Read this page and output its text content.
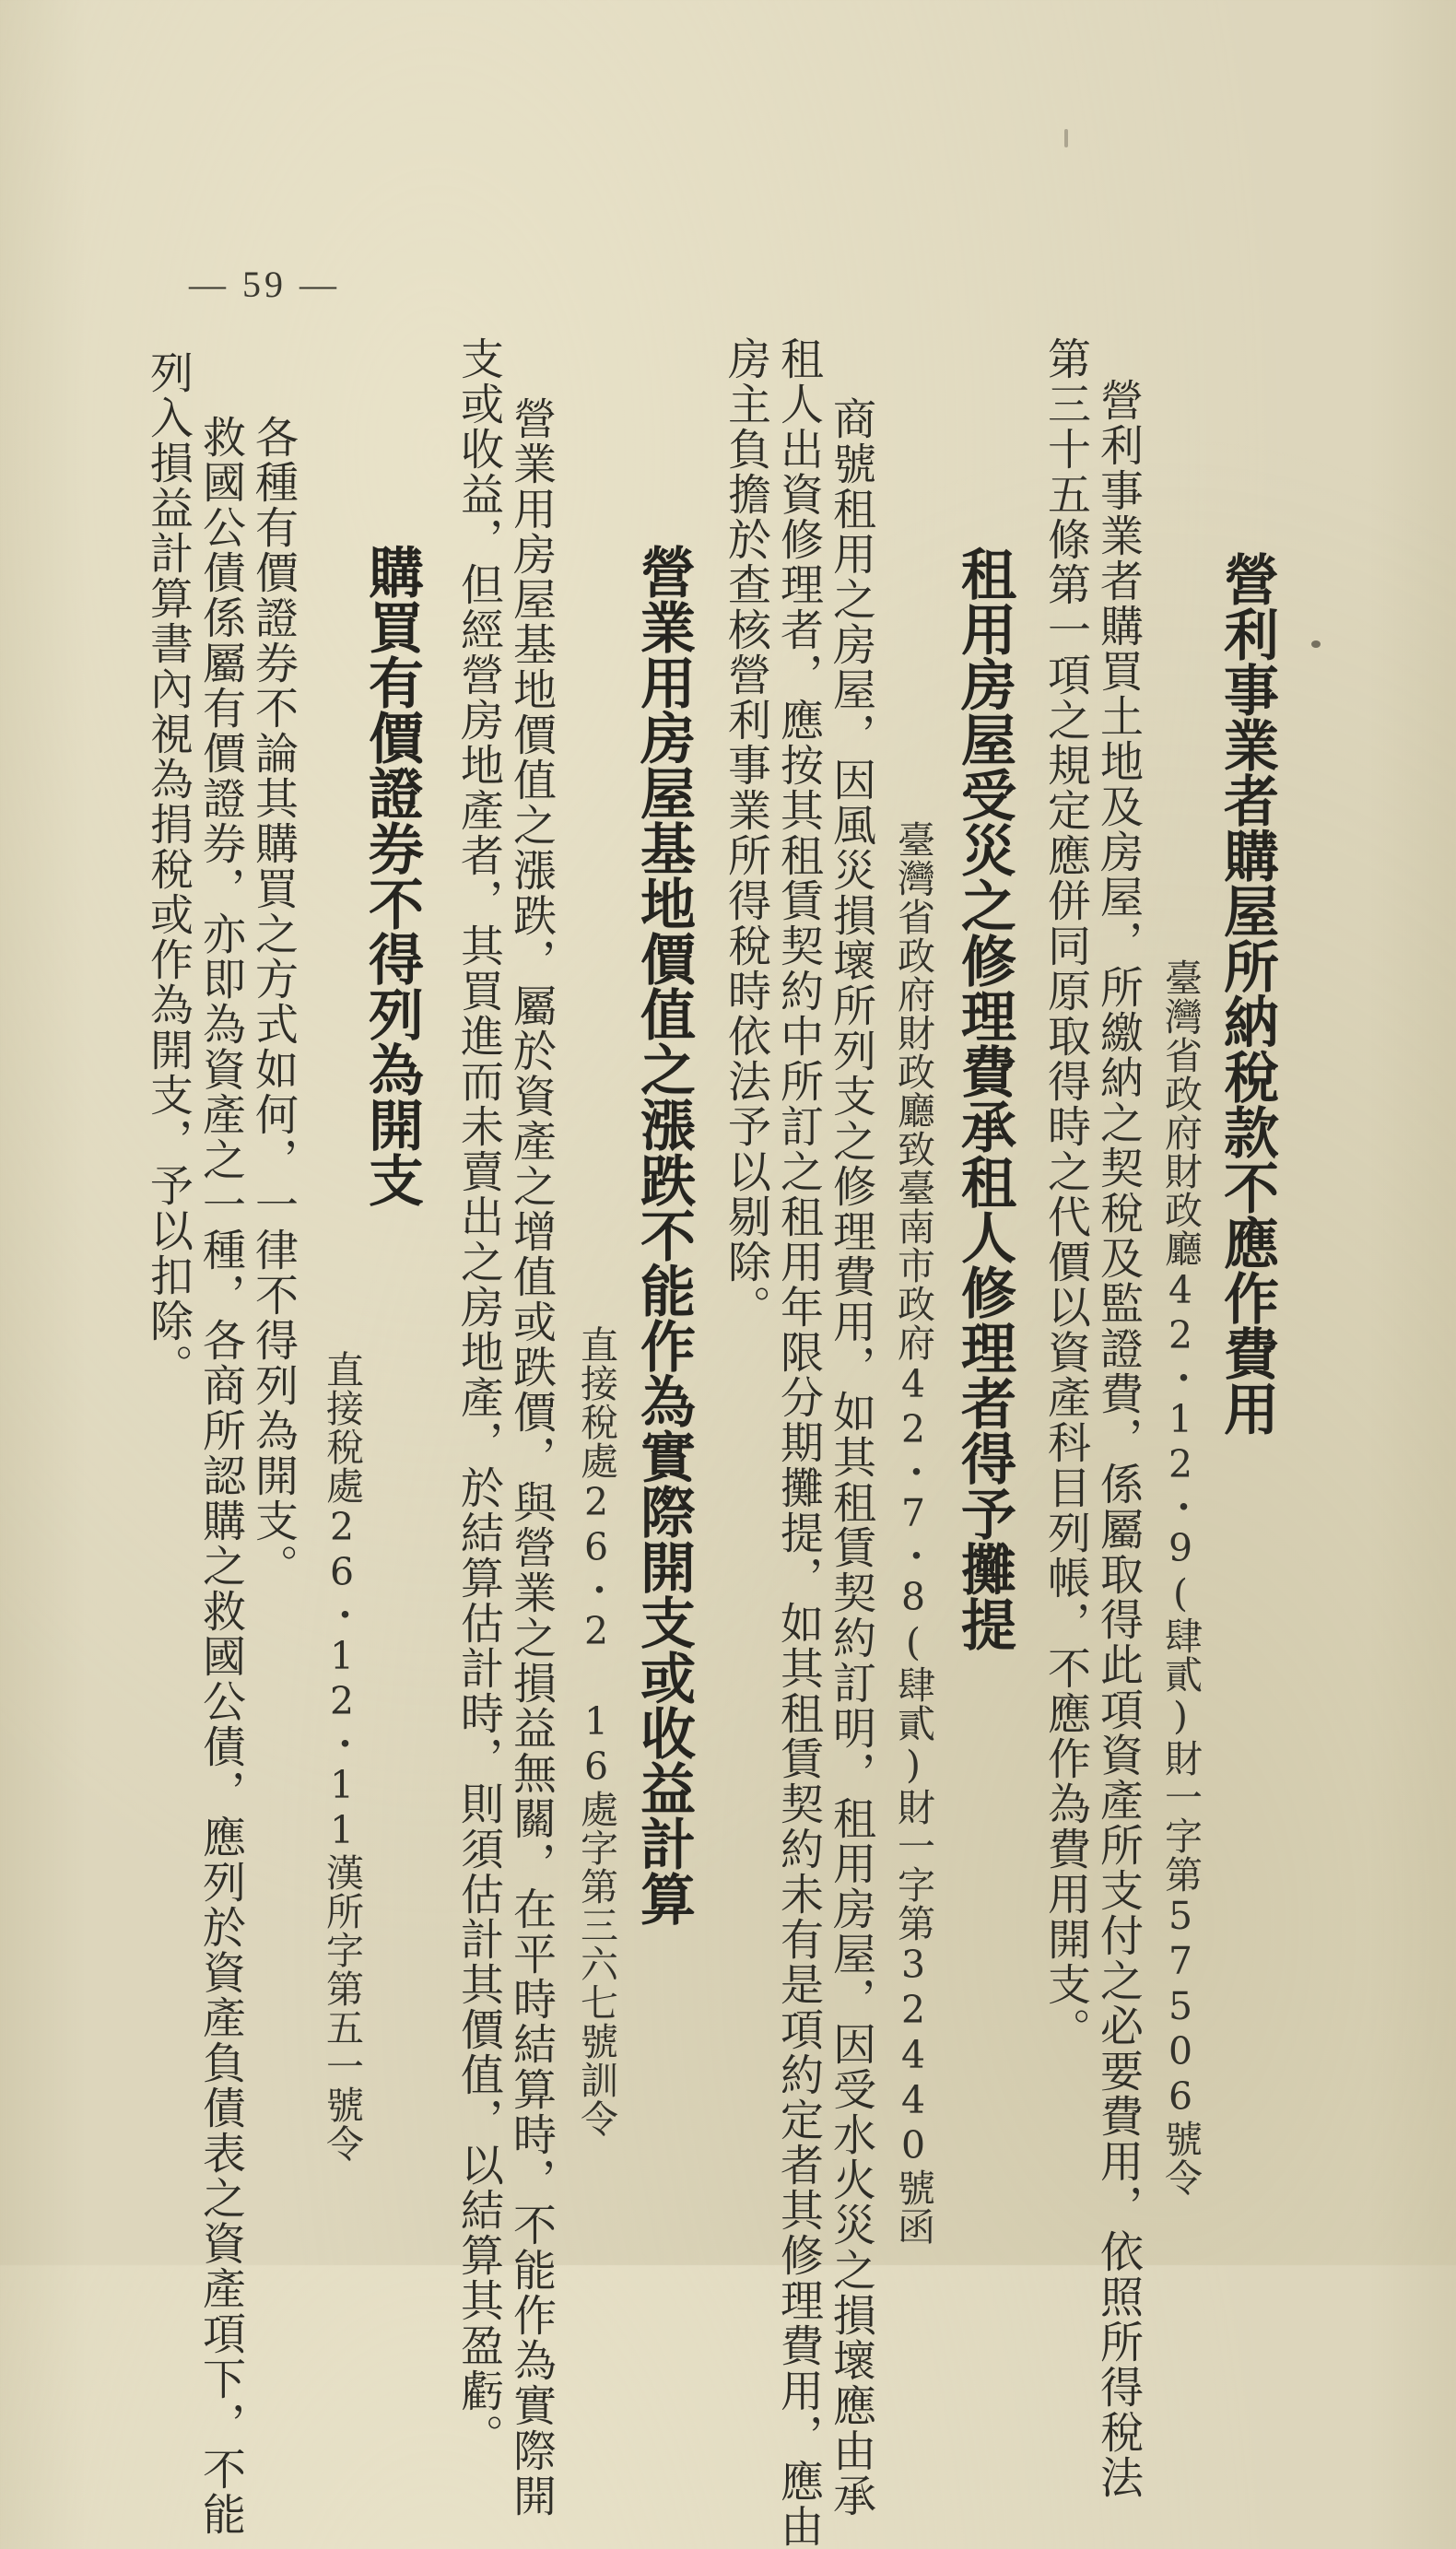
— 59 —
營利事業者購屋所納稅款不應作費用
臺灣省政府財政廳42・12・9(肆貳)財一字第57506號令
營利事業者購買土地及房屋，所繳納之契稅及監證費，係屬取得此項資產所支付之必要費用，依照所得稅法
第三十五條第一項之規定應併同原取得時之代價以資產科目列帳，不應作為費用開支。
租用房屋受災之修理費承租人修理者得予攤提
臺灣省政府財政廳致臺南市政府42・7・8(肆貳)財一字第32440號函
商號租用之房屋，因風災損壞所列支之修理費用，如其租賃契約訂明，租用房屋，因受水火災之損壞應由承
租人出資修理者，應按其租賃契約中所訂之租用年限分期攤提，如其租賃契約未有是項約定者其修理費用，應由
房主負擔於查核營利事業所得稅時依法予以剔除。
營業用房屋基地價值之漲跌不能作為實際開支或收益計算
直接稅處26・2 16處字第三六七號訓令
營業用房屋基地價值之漲跌，屬於資產之增值或跌價，與營業之損益無關，在平時結算時，不能作為實際開
支或收益，但經營房地產者，其買進而未賣出之房地產，於結算估計時，則須估計其價值，以結算其盈虧。
購買有價證券不得列為開支
直接稅處26・12・11漢所字第五一號令
各種有價證券不論其購買之方式如何，一律不得列為開支。
救國公債係屬有價證券，亦即為資產之一種，各商所認購之救國公債，應列於資產負債表之資產項下，不能
列入損益計算書內視為捐稅或作為開支，予以扣除。
